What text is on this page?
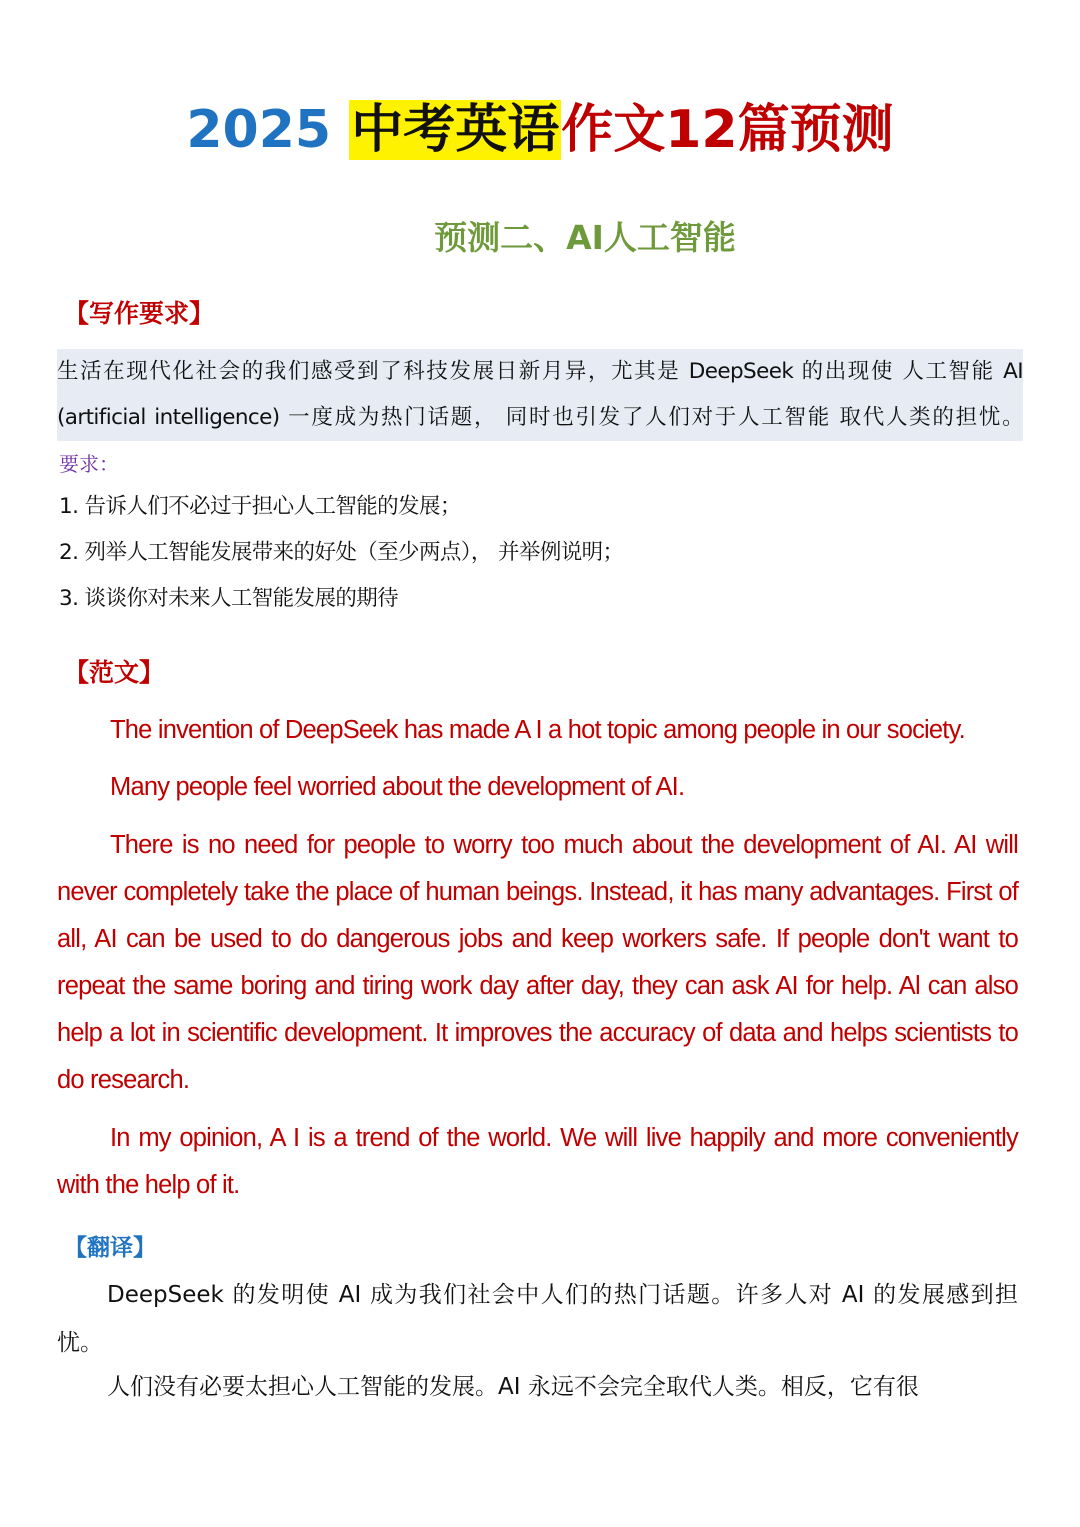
2025 中考英语作文12篇预测
预测二、AI人工智能
【写作要求】
生活在现代化社会的我们感受到了科技发展日新月异，尤其是 DeepSeek 的出现使 人工智能 AI
(artificial intelligence) 一度成为热门话题， 同时也引发了人们对于人工智能 取代人类的担忧。
要求：
1. 告诉人们不必过于担心人工智能的发展；
2. 列举人工智能发展带来的好处（至少两点）， 并举例说明；
3. 谈谈你对未来人工智能发展的期待
【范文】

The invention of DeepSeek has made A I a hot topic among people in our society.

Many people feel worried about the development of AI.

There is no need for people to worry too much about the development of AI. AI will never completely take the place of human beings. Instead, it has many advantages. First of all, AI can be used to do dangerous jobs and keep workers safe. If people don't want to repeat the same boring and tiring work day after day, they can ask AI for help. Al can also help a lot in scientific development. It improves the accuracy of data and helps scientists to do research.

In my opinion, A I is a trend of the world. We will live happily and more conveniently with the help of it.

【翻译】

DeepSeek 的发明使 AI 成为我们社会中人们的热门话题。许多人对 AI 的发展感到担忧。

人们没有必要太担心人工智能的发展。AI 永远不会完全取代人类。相反，它有很
